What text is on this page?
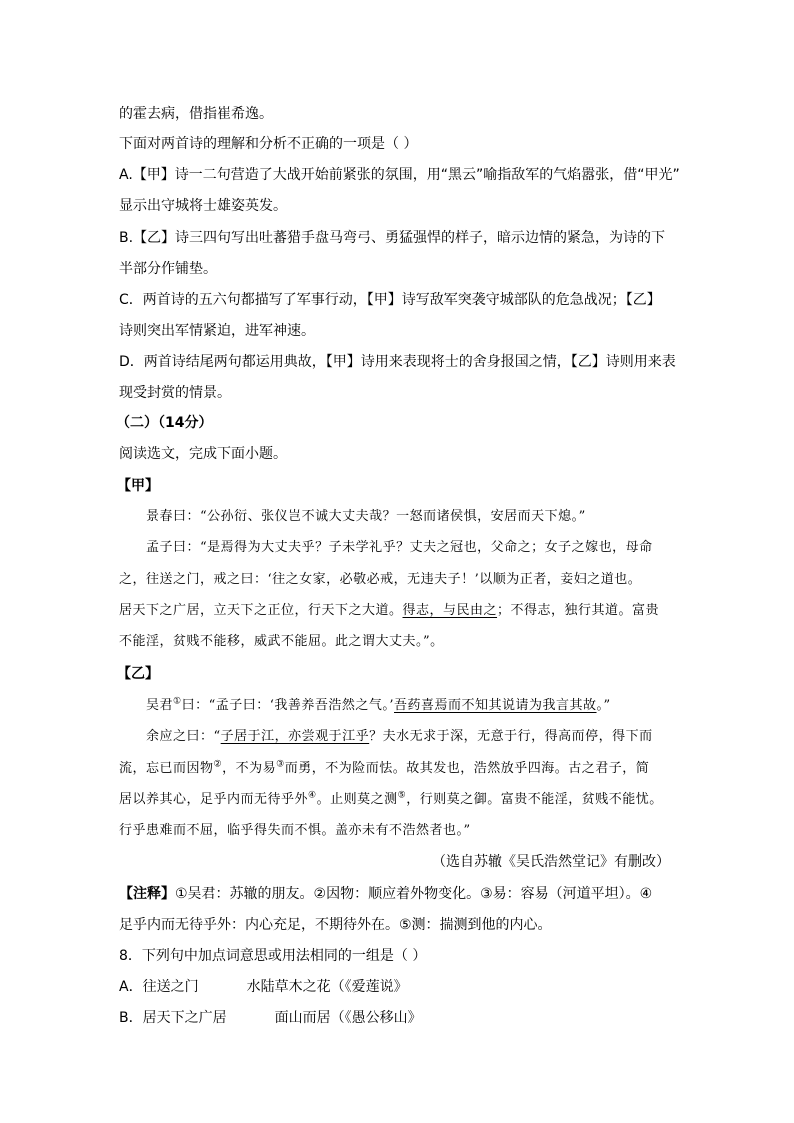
的霍去病，借指崔希逸。
下面对两首诗的理解和分析不正确的一项是（ ）
A.【甲】诗一二句营造了大战开始前紧张的氛围，用“黑云”喻指敌军的气焰嚣张，借“甲光”
显示出守城将士雄姿英发。
B.【乙】诗三四句写出吐蕃猎手盘马弯弓、勇猛强悍的样子，暗示边情的紧急，为诗的下
半部分作铺垫。
C．两首诗的五六句都描写了军事行动，【甲】诗写敌军突袭守城部队的危急战况；【乙】
诗则突出军情紧迫，进军神速。
D．两首诗结尾两句都运用典故，【甲】诗用来表现将士的舍身报国之情，【乙】诗则用来表
现受封赏的情景。
（二）（14分）
阅读选文，完成下面小题。
【甲】
景春曰：“公孙衍、张仪岂不诚大丈夫哉？一怒而诸侯惧，安居而天下熄。”
孟子曰：“是焉得为大丈夫乎？子未学礼乎？丈夫之冠也，父命之；女子之嫁也，母命
之，往送之门，戒之曰：‘往之女家，必敬必戒，无违夫子！’以顺为正者，妾妇之道也。
居天下之广居，立天下之正位，行天下之大道。得志，与民由之；不得志，独行其道。富贵
不能淫，贫贱不能移，威武不能屈。此之谓大丈夫。”。
【乙】
吴君①曰：“孟子曰：‘我善养吾浩然之气。’吾药喜焉而不知其说请为我言其故。”
余应之曰：“子居于江，亦尝观于江乎？夫水无求于深，无意于行，得高而停，得下而
流，忘已而因物②，不为易③而勇，不为险而怯。故其发也，浩然放乎四海。古之君子，简
居以养其心，足乎内而无待乎外④。止则莫之测⑤，行则莫之御。富贵不能淫，贫贱不能忧。
行乎患难而不屈，临乎得失而不惧。盖亦未有不浩然者也。”
（选自苏辙《吴氏浩然堂记》有删改）
【注释】①吴君：苏辙的朋友。②因物：顺应着外物变化。③易：容易（河道平坦）。④
足乎内而无待乎外：内心充足，不期待外在。⑤测：揣测到他的内心。
8．下列句中加点词意思或用法相同的一组是（ ）
A．往送之门	水陆草木之花（《爱莲说》
B．居天下之广居	面山而居（《愚公移山》
